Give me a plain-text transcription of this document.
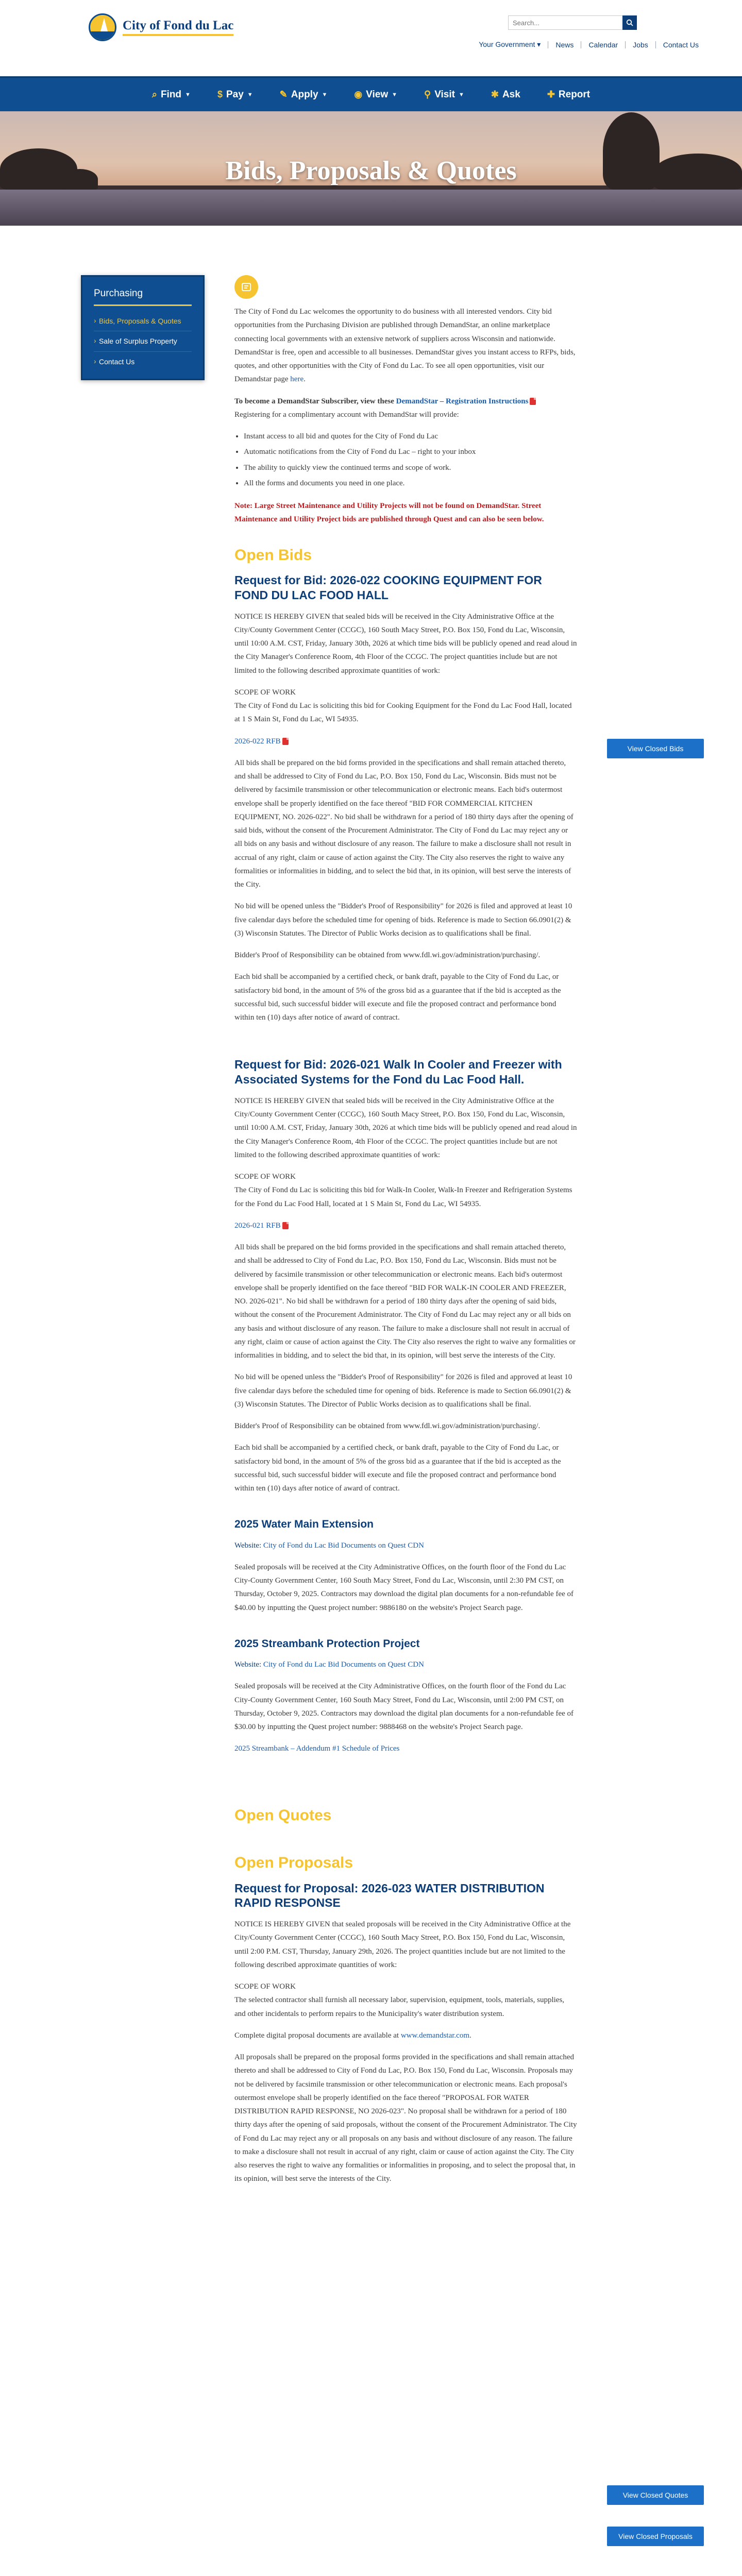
City of Fond du Lac
Search...
Your Government ▾	News	Calendar	Jobs	Contact Us
⌕ Find ▼	$ Pay ▼	✎ Apply ▼	◉ View ▼	⚲ Visit ▼	✱ Ask	✚ Report
Bids, Proposals & Quotes
Purchasing
› Bids, Proposals & Quotes
› Sale of Surplus Property
› Contact Us
View Closed Bids
View Closed Quotes
View Closed Proposals

The City of Fond du Lac welcomes the opportunity to do business with all interested vendors. City bid opportunities from the Purchasing Division are published through DemandStar, an online marketplace connecting local governments with an extensive network of suppliers across Wisconsin and nationwide. DemandStar is free, open and accessible to all businesses. DemandStar gives you instant access to RFPs, bids, quotes, and other opportunities with the City of Fond du Lac. To see all open opportunities, visit our Demandstar page here.

To become a DemandStar Subscriber, view these DemandStar – Registration Instructions
Registering for a complimentary account with DemandStar will provide:

• Instant access to all bid and quotes for the City of Fond du Lac
• Automatic notifications from the City of Fond du Lac – right to your inbox
• The ability to quickly view the continued terms and scope of work.
• All the forms and documents you need in one place.

Note: Large Street Maintenance and Utility Projects will not be found on DemandStar. Street Maintenance and Utility Project bids are published through Quest and can also be seen below.

Open Bids
Request for Bid: 2026-022 COOKING EQUIPMENT FOR FOND DU LAC FOOD HALL

NOTICE IS HEREBY GIVEN that sealed bids will be received in the City Administrative Office at the City/County Government Center (CCGC), 160 South Macy Street, P.O. Box 150, Fond du Lac, Wisconsin, until 10:00 A.M. CST, Friday, January 30th, 2026 at which time bids will be publicly opened and read aloud in the City Manager's Conference Room, 4th Floor of the CCGC. The project quantities include but are not limited to the following described approximate quantities of work:

SCOPE OF WORK
The City of Fond du Lac is soliciting this bid for Cooking Equipment for the Fond du Lac Food Hall, located at 1 S Main St, Fond du Lac, WI 54935.

2026-022 RFB

All bids shall be prepared on the bid forms provided in the specifications and shall remain attached thereto, and shall be addressed to City of Fond du Lac, P.O. Box 150, Fond du Lac, Wisconsin. Bids must not be delivered by facsimile transmission or other telecommunication or electronic means. Each bid's outermost envelope shall be properly identified on the face thereof "BID FOR COMMERCIAL KITCHEN EQUIPMENT, NO. 2026-022". No bid shall be withdrawn for a period of 180 thirty days after the opening of said bids, without the consent of the Procurement Administrator. The City of Fond du Lac may reject any or all bids on any basis and without disclosure of any reason. The failure to make a disclosure shall not result in accrual of any right, claim or cause of action against the City. The City also reserves the right to waive any formalities or informalities in bidding, and to select the bid that, in its opinion, will best serve the interests of the City.

No bid will be opened unless the "Bidder's Proof of Responsibility" for 2026 is filed and approved at least 10 five calendar days before the scheduled time for opening of bids. Reference is made to Section 66.0901(2) & (3) Wisconsin Statutes. The Director of Public Works decision as to qualifications shall be final.

Bidder's Proof of Responsibility can be obtained from www.fdl.wi.gov/administration/purchasing/.

Each bid shall be accompanied by a certified check, or bank draft, payable to the City of Fond du Lac, or satisfactory bid bond, in the amount of 5% of the gross bid as a guarantee that if the bid is accepted as the successful bid, such successful bidder will execute and file the proposed contract and performance bond within ten (10) days after notice of award of contract.

Request for Bid: 2026-021 Walk In Cooler and Freezer with Associated Systems for the Fond du Lac Food Hall.

NOTICE IS HEREBY GIVEN that sealed bids will be received in the City Administrative Office at the City/County Government Center (CCGC), 160 South Macy Street, P.O. Box 150, Fond du Lac, Wisconsin, until 10:00 A.M. CST, Friday, January 30th, 2026 at which time bids will be publicly opened and read aloud in the City Manager's Conference Room, 4th Floor of the CCGC. The project quantities include but are not limited to the following described approximate quantities of work:

SCOPE OF WORK
The City of Fond du Lac is soliciting this bid for Walk-In Cooler, Walk-In Freezer and Refrigeration Systems for the Fond du Lac Food Hall, located at 1 S Main St, Fond du Lac, WI 54935.

2026-021 RFB

All bids shall be prepared on the bid forms provided in the specifications and shall remain attached thereto, and shall be addressed to City of Fond du Lac, P.O. Box 150, Fond du Lac, Wisconsin. Bids must not be delivered by facsimile transmission or other telecommunication or electronic means. Each bid's outermost envelope shall be properly identified on the face thereof "BID FOR WALK-IN COOLER AND FREEZER, NO. 2026-021". No bid shall be withdrawn for a period of 180 thirty days after the opening of said bids, without the consent of the Procurement Administrator. The City of Fond du Lac may reject any or all bids on any basis and without disclosure of any reason. The failure to make a disclosure shall not result in accrual of any right, claim or cause of action against the City. The City also reserves the right to waive any formalities or informalities in bidding, and to select the bid that, in its opinion, will best serve the interests of the City.

No bid will be opened unless the "Bidder's Proof of Responsibility" for 2026 is filed and approved at least 10 five calendar days before the scheduled time for opening of bids. Reference is made to Section 66.0901(2) & (3) Wisconsin Statutes. The Director of Public Works decision as to qualifications shall be final.

Bidder's Proof of Responsibility can be obtained from www.fdl.wi.gov/administration/purchasing/.

Each bid shall be accompanied by a certified check, or bank draft, payable to the City of Fond du Lac, or satisfactory bid bond, in the amount of 5% of the gross bid as a guarantee that if the bid is accepted as the successful bid, such successful bidder will execute and file the proposed contract and performance bond within ten (10) days after notice of award of contract.

2025 Water Main Extension

Website: City of Fond du Lac Bid Documents on Quest CDN

Sealed proposals will be received at the City Administrative Offices, on the fourth floor of the Fond du Lac City-County Government Center, 160 South Macy Street, Fond du Lac, Wisconsin, until 2:30 PM CST, on Thursday, October 9, 2025. Contractors may download the digital plan documents for a non-refundable fee of $40.00 by inputting the Quest project number: 9886180 on the website's Project Search page.

2025 Streambank Protection Project

Website: City of Fond du Lac Bid Documents on Quest CDN

Sealed proposals will be received at the City Administrative Offices, on the fourth floor of the Fond du Lac City-County Government Center, 160 South Macy Street, Fond du Lac, Wisconsin, until 2:00 PM CST, on Thursday, October 9, 2025. Contractors may download the digital plan documents for a non-refundable fee of $30.00 by inputting the Quest project number: 9888468 on the website's Project Search page.

2025 Streambank – Addendum #1 Schedule of Prices

Open Quotes
Open Proposals
Request for Proposal: 2026-023 WATER DISTRIBUTION RAPID RESPONSE

NOTICE IS HEREBY GIVEN that sealed proposals will be received in the City Administrative Office at the City/County Government Center (CCGC), 160 South Macy Street, P.O. Box 150, Fond du Lac, Wisconsin, until 2:00 P.M. CST, Thursday, January 29th, 2026. The project quantities include but are not limited to the following described approximate quantities of work:

SCOPE OF WORK
The selected contractor shall furnish all necessary labor, supervision, equipment, tools, materials, supplies, and other incidentals to perform repairs to the Municipality's water distribution system.

Complete digital proposal documents are available at www.demandstar.com.

All proposals shall be prepared on the proposal forms provided in the specifications and shall remain attached thereto and shall be addressed to City of Fond du Lac, P.O. Box 150, Fond du Lac, Wisconsin. Proposals may not be delivered by facsimile transmission or other telecommunication or electronic means. Each proposal's outermost envelope shall be properly identified on the face thereof "PROPOSAL FOR WATER DISTRIBUTION RAPID RESPONSE, NO 2026-023". No proposal shall be withdrawn for a period of 180 thirty days after the opening of said proposals, without the consent of the Procurement Administrator. The City of Fond du Lac may reject any or all proposals on any basis and without disclosure of any reason. The failure to make a disclosure shall not result in accrual of any right, claim or cause of action against the City. The City also reserves the right to waive any formalities or informalities in proposing, and to select the proposal that, in its opinion, will best serve the interests of the City.
